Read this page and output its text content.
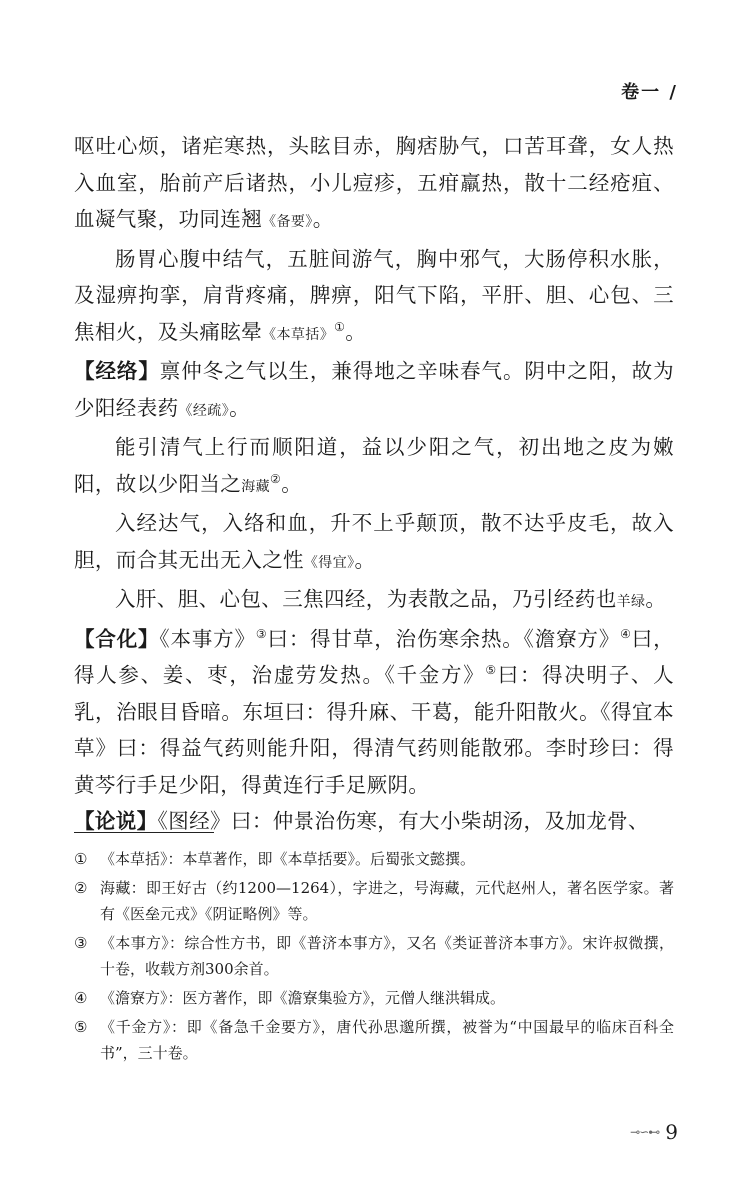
卷一 /

呕吐心烦，诸疟寒热，头眩目赤，胸痞胁气，口苦耳聋，女人热入血室，胎前产后诸热，小儿痘疹，五疳羸热，散十二经疮疽、血凝气聚，功同连翘《备要》。

肠胃心腹中结气，五脏间游气，胸中邪气，大肠停积水胀，及湿痹拘挛，肩背疼痛，脾痹，阳气下陷，平肝、胆、心包、三焦相火，及头痛眩晕《本草括》①。

【经络】禀仲冬之气以生，兼得地之辛味春气。阴中之阳，故为少阳经表药《经疏》。

能引清气上行而顺阳道，益以少阳之气，初出地之皮为嫩阳，故以少阳当之海藏②。

入经达气，入络和血，升不上乎颠顶，散不达乎皮毛，故入胆，而合其无出无入之性《得宜》。

入肝、胆、心包、三焦四经，为表散之品，乃引经药也羊绿。

【合化】《本事方》③曰：得甘草，治伤寒余热。《澹寮方》④曰，得人参、姜、枣，治虚劳发热。《千金方》⑤曰：得决明子、人乳，治眼目昏暗。东垣曰：得升麻、干葛，能升阳散火。《得宜本草》曰：得益气药则能升阳，得清气药则能散邪。李时珍曰：得黄芩行手足少阳，得黄连行手足厥阴。

【论说】《图经》曰：仲景治伤寒，有大小柴胡汤，及加龙骨、

① 《本草括》：本草著作，即《本草括要》。后蜀张文懿撰。
② 海藏：即王好古（约1200—1264），字进之，号海藏，元代赵州人，著名医学家。著有《医垒元戎》《阴证略例》等。
③ 《本事方》：综合性方书，即《普济本事方》，又名《类证普济本事方》。宋许叔微撰，十卷，收载方剂300余首。
④ 《澹寮方》：医方著作，即《澹寮集验方》，元僧人继洪辑成。
⑤ 《千金方》：即《备急千金要方》，唐代孙思邈所撰，被誉为“中国最早的临床百科全书”，三十卷。
⊸∽⊷ 9
